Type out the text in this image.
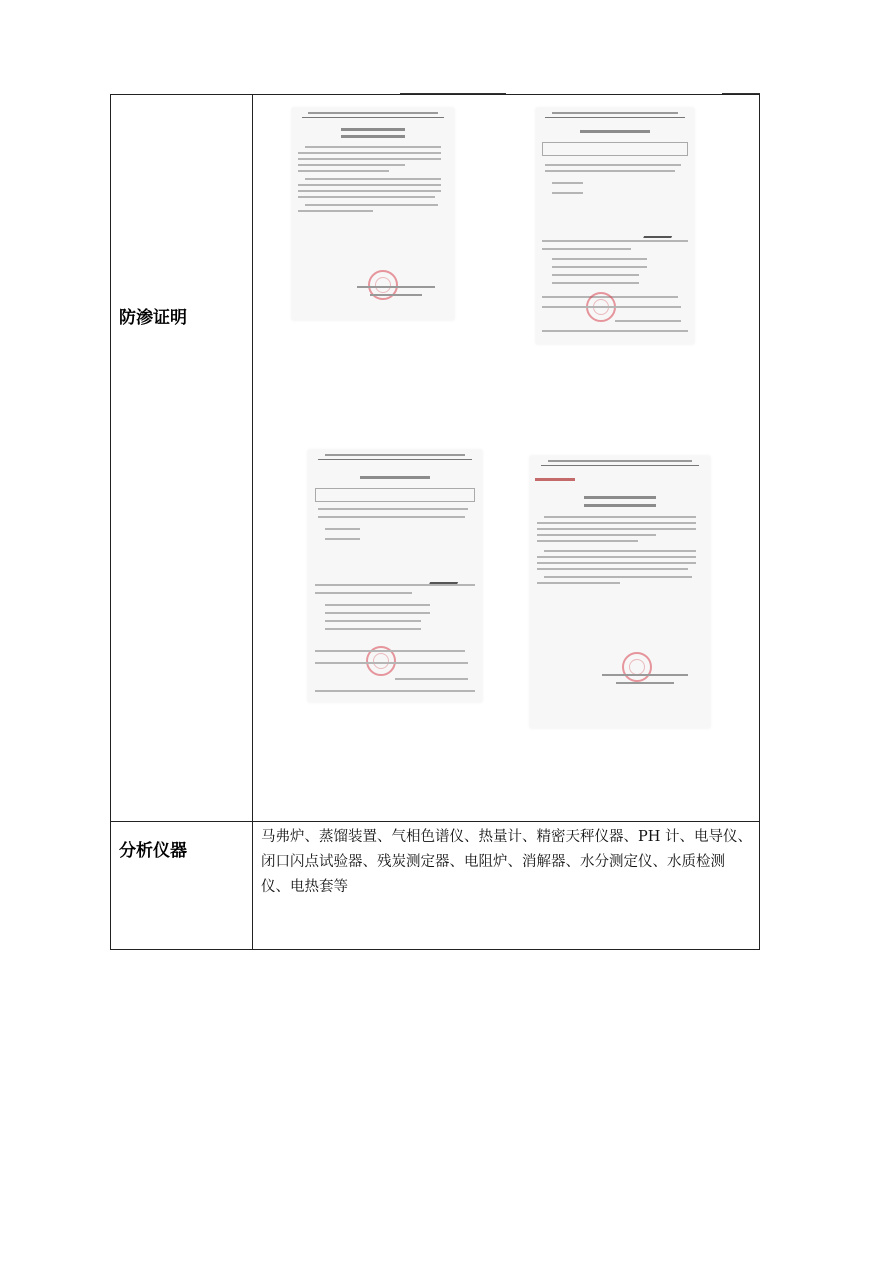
防渗证明
分析仪器
马弗炉、蒸馏装置、气相色谱仪、热量计、精密天秤仪器、PH 计、电导仪、闭口闪点试验器、残炭测定器、电阻炉、消解器、水分测定仪、水质检测仪、电热套等
